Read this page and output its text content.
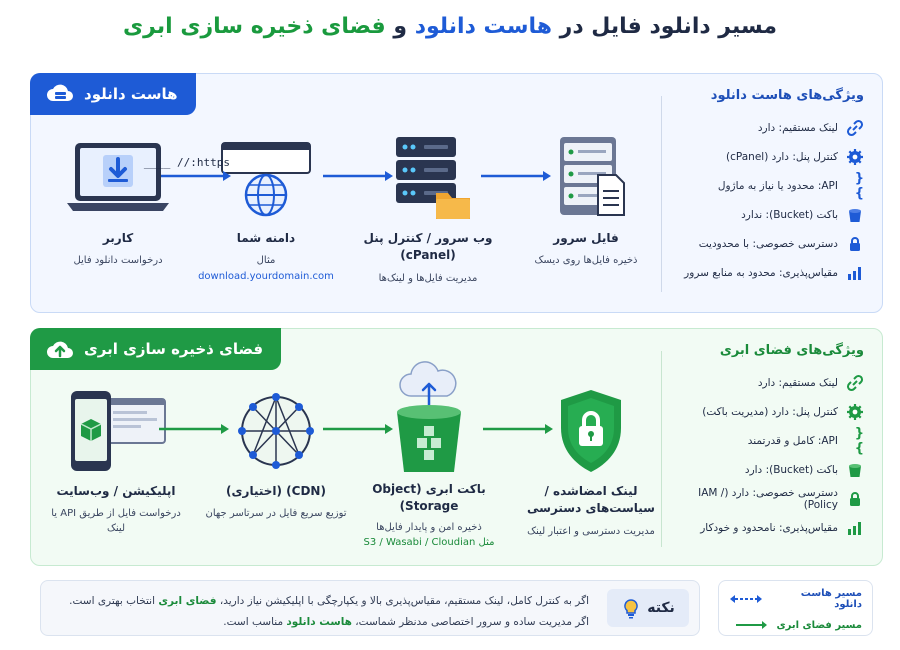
مسیر دانلود فایل در هاست دانلود و فضای ذخیره سازی ابری
هاست دانلود
کاربر
درخواست دانلود فایل
https:// ____
دامنه شما
مثال
download.yourdomain.com
وب سرور / کنترل پنل (cPanel)
مدیریت فایل‌ها و لینک‌ها
فایل سرور
ذخیره فایل‌ها روی دیسک
ویژگی‌های هاست دانلود
لینک مستقیم: دارد
کنترل پنل: دارد (cPanel)
{ }
API: محدود یا نیاز به ماژول
باکت (Bucket): ندارد
دسترسی خصوصی: با محدودیت
مقیاس‌پذیری: محدود به منابع سرور
فضای ذخیره سازی ابری
اپلیکیشن / وب‌سایت
درخواست فایل از طریق API یا لینک
(CDN) (اختیاری)
توزیع سریع فایل در سرتاسر جهان
باکت ابری (Object Storage)
ذخیره امن و پایدار فایل‌ها
مثل S3 / Wasabi / Cloudian
لینک امضاشده / سیاست‌های دسترسی
مدیریت دسترسی و اعتبار لینک
ویژگی‌های فضای ابری
لینک مستقیم: دارد
کنترل پنل: دارد (مدیریت باکت)
{ }
API: کامل و قدرتمند
باکت (Bucket): دارد
دسترسی خصوصی: دارد (IAM / Policy)
مقیاس‌پذیری: نامحدود و خودکار
نکته
اگر به کنترل کامل، لینک مستقیم، مقیاس‌پذیری بالا و یکپارچگی با اپلیکیشن نیاز دارید، فضای ابری انتخاب بهتری است.
اگر مدیریت ساده و سرور اختصاصی مدنظر شماست، هاست دانلود مناسب است.
مسیر هاست دانلود
مسیر فضای ابری
